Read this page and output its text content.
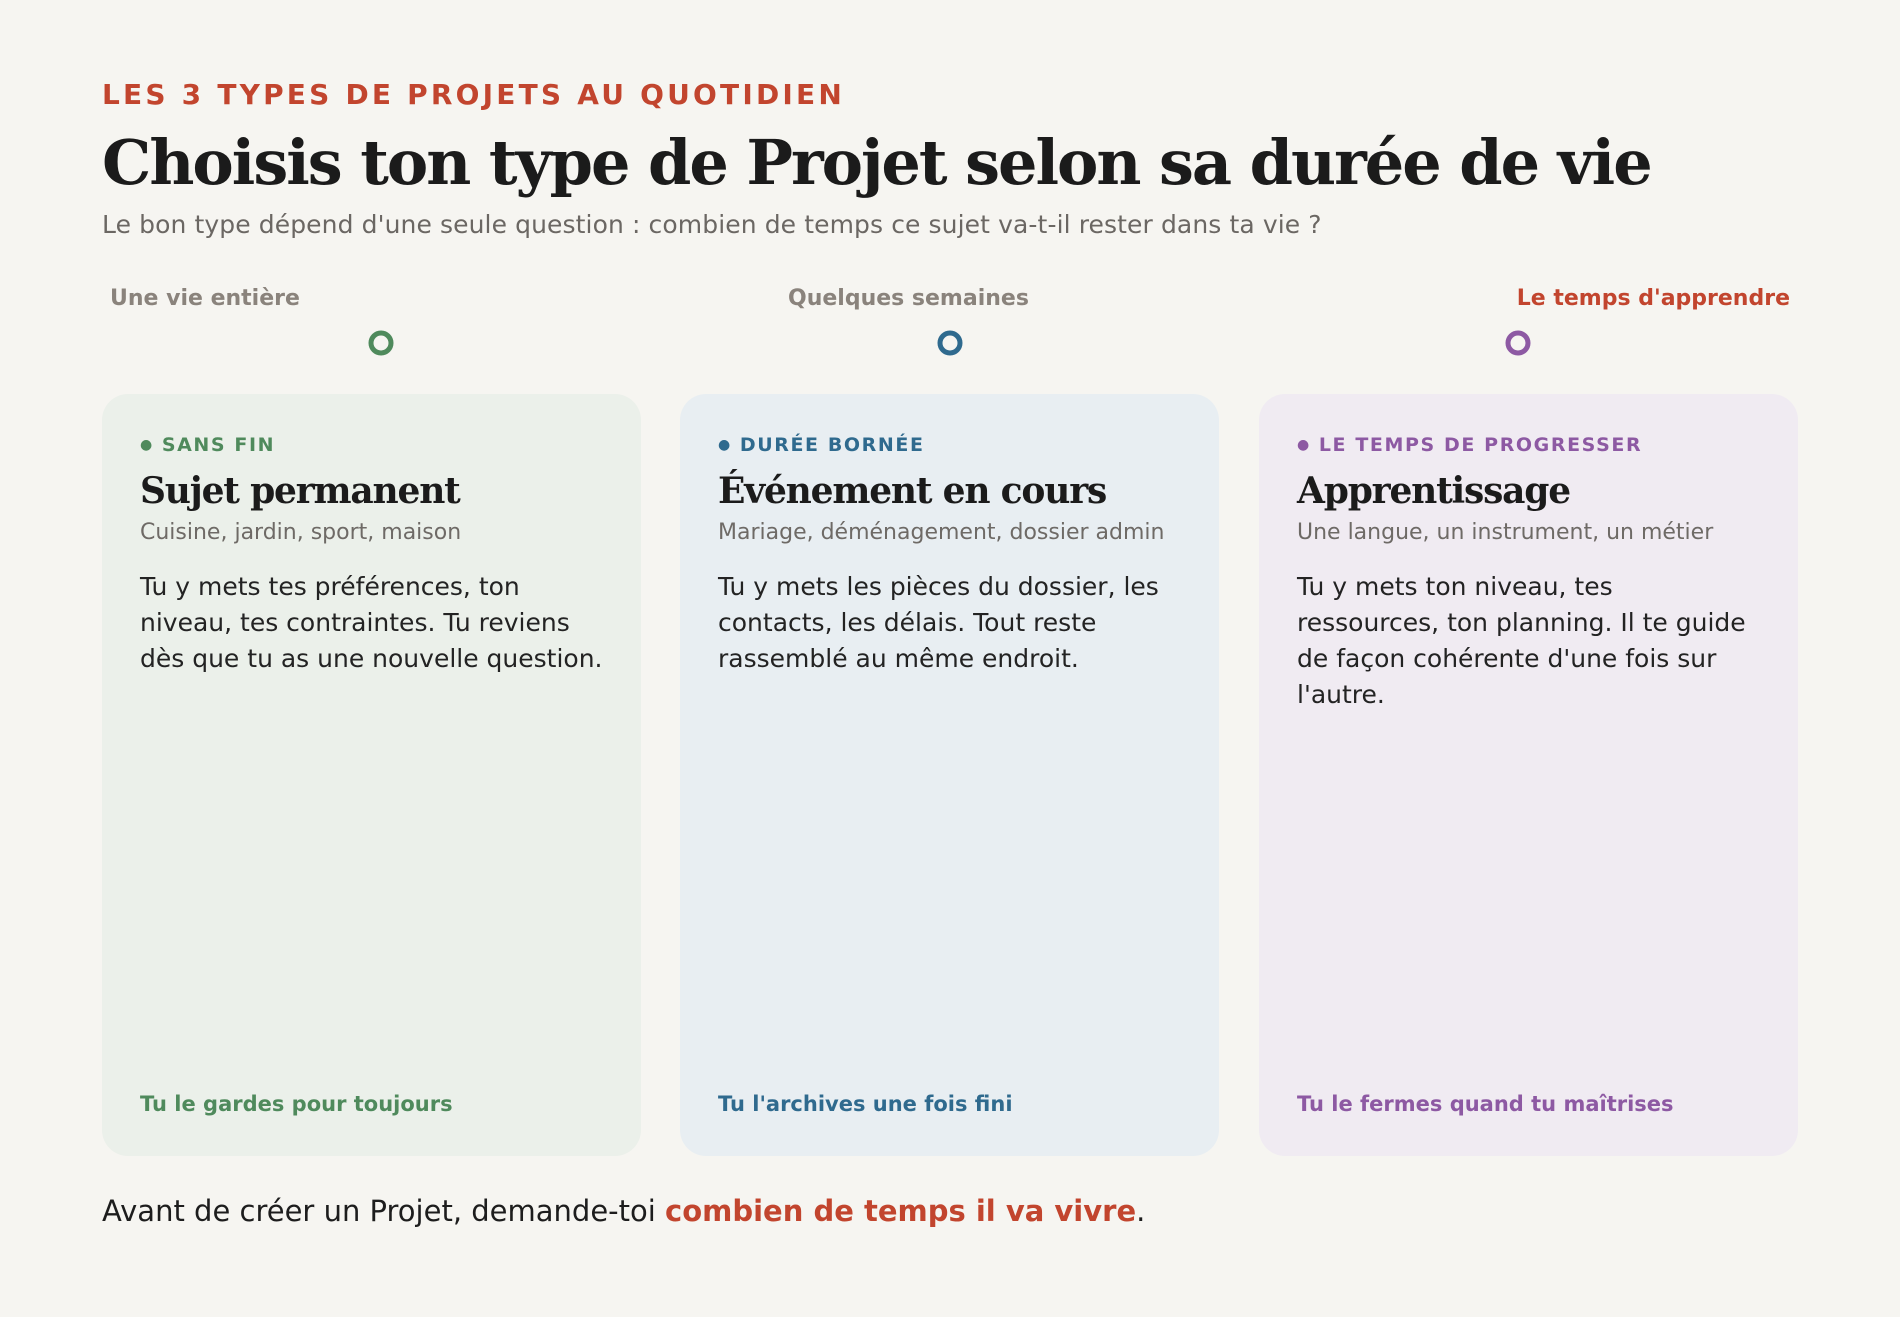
LES 3 TYPES DE PROJETS AU QUOTIDIEN
Choisis ton type de Projet selon sa durée de vie
Le bon type dépend d'une seule question : combien de temps ce sujet va-t-il rester dans ta vie ?
Une vie entière	Quelques semaines	Le temps d'apprendre
● SANS FIN
Sujet permanent
Cuisine, jardin, sport, maison
Tu y mets tes préférences, ton niveau, tes contraintes. Tu reviens dès que tu as une nouvelle question.
Tu le gardes pour toujours
● DURÉE BORNÉE
Événement en cours
Mariage, déménagement, dossier admin
Tu y mets les pièces du dossier, les contacts, les délais. Tout reste rassemblé au même endroit.
Tu l'archives une fois fini
● LE TEMPS DE PROGRESSER
Apprentissage
Une langue, un instrument, un métier
Tu y mets ton niveau, tes ressources, ton planning. Il te guide de façon cohérente d'une fois sur l'autre.
Tu le fermes quand tu maîtrises
Avant de créer un Projet, demande-toi combien de temps il va vivre.
